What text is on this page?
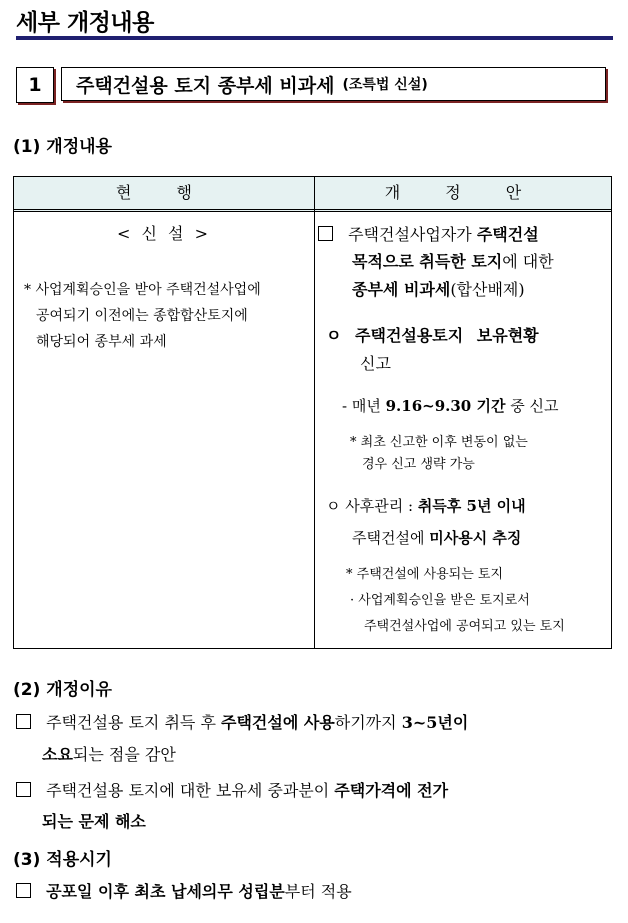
세부 개정내용
1 주택건설용 토지 종부세 비과세 (조특법 신설)
(1) 개정내용
현 행	개 정 안
< 신 설 >
* 사업계획승인을 받아 주택건설사업에
공여되기 이전에는 종합합산토지에
해당되어 종부세 과세
주택건설사업자가 주택건설
목적으로 취득한 토지에 대한
종부세 비과세(합산배제)
ㅇ 주택건설용토지 보유현황
신고
- 매년 9.16~9.30 기간 중 신고
* 최초 신고한 이후 변동이 없는
경우 신고 생략 가능
ㅇ 사후관리 : 취득후 5년 이내
주택건설에 미사용시 추징
* 주택건설에 사용되는 토지
· 사업계획승인을 받은 토지로서
주택건설사업에 공여되고 있는 토지
(2) 개정이유
주택건설용 토지 취득 후 주택건설에 사용하기까지 3~5년이
소요되는 점을 감안
주택건설용 토지에 대한 보유세 중과분이 주택가격에 전가
되는 문제 해소
(3) 적용시기
공포일 이후 최초 납세의무 성립분부터 적용
